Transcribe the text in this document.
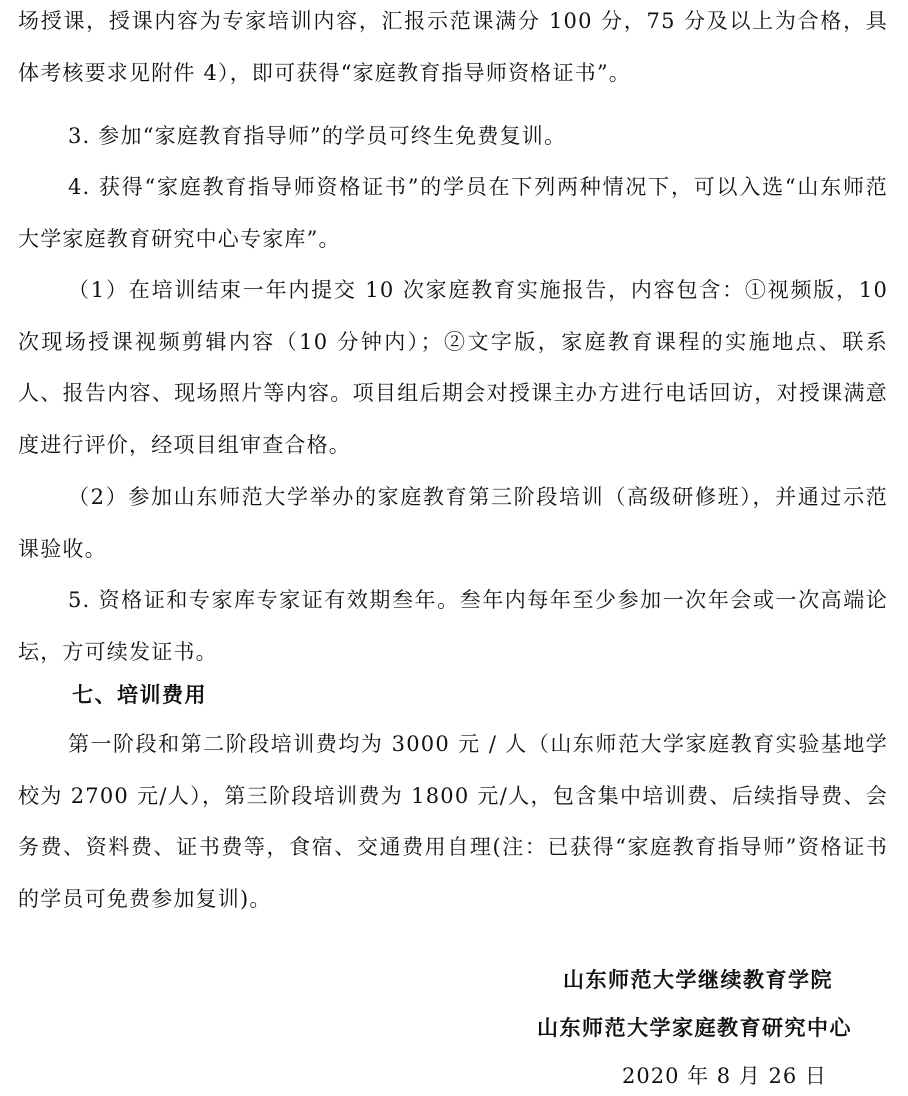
场授课，授课内容为专家培训内容，汇报示范课满分 100 分，75 分及以上为合格，具体考核要求见附件 4），即可获得“家庭教育指导师资格证书”。

3. 参加“家庭教育指导师”的学员可终生免费复训。

4. 获得“家庭教育指导师资格证书”的学员在下列两种情况下，可以入选“山东师范大学家庭教育研究中心专家库”。

（1）在培训结束一年内提交 10 次家庭教育实施报告，内容包含：①视频版，10 次现场授课视频剪辑内容（10 分钟内）；②文字版，家庭教育课程的实施地点、联系人、报告内容、现场照片等内容。项目组后期会对授课主办方进行电话回访，对授课满意度进行评价，经项目组审查合格。

（2）参加山东师范大学举办的家庭教育第三阶段培训（高级研修班），并通过示范课验收。

5. 资格证和专家库专家证有效期叁年。叁年内每年至少参加一次年会或一次高端论坛，方可续发证书。

七、培训费用

第一阶段和第二阶段培训费均为 3000 元 / 人（山东师范大学家庭教育实验基地学校为 2700 元/人），第三阶段培训费为 1800 元/人，包含集中培训费、后续指导费、会务费、资料费、证书费等，食宿、交通费用自理(注：已获得“家庭教育指导师”资格证书的学员可免费参加复训)。

山东师范大学继续教育学院

山东师范大学家庭教育研究中心

2020 年 8 月 26 日
